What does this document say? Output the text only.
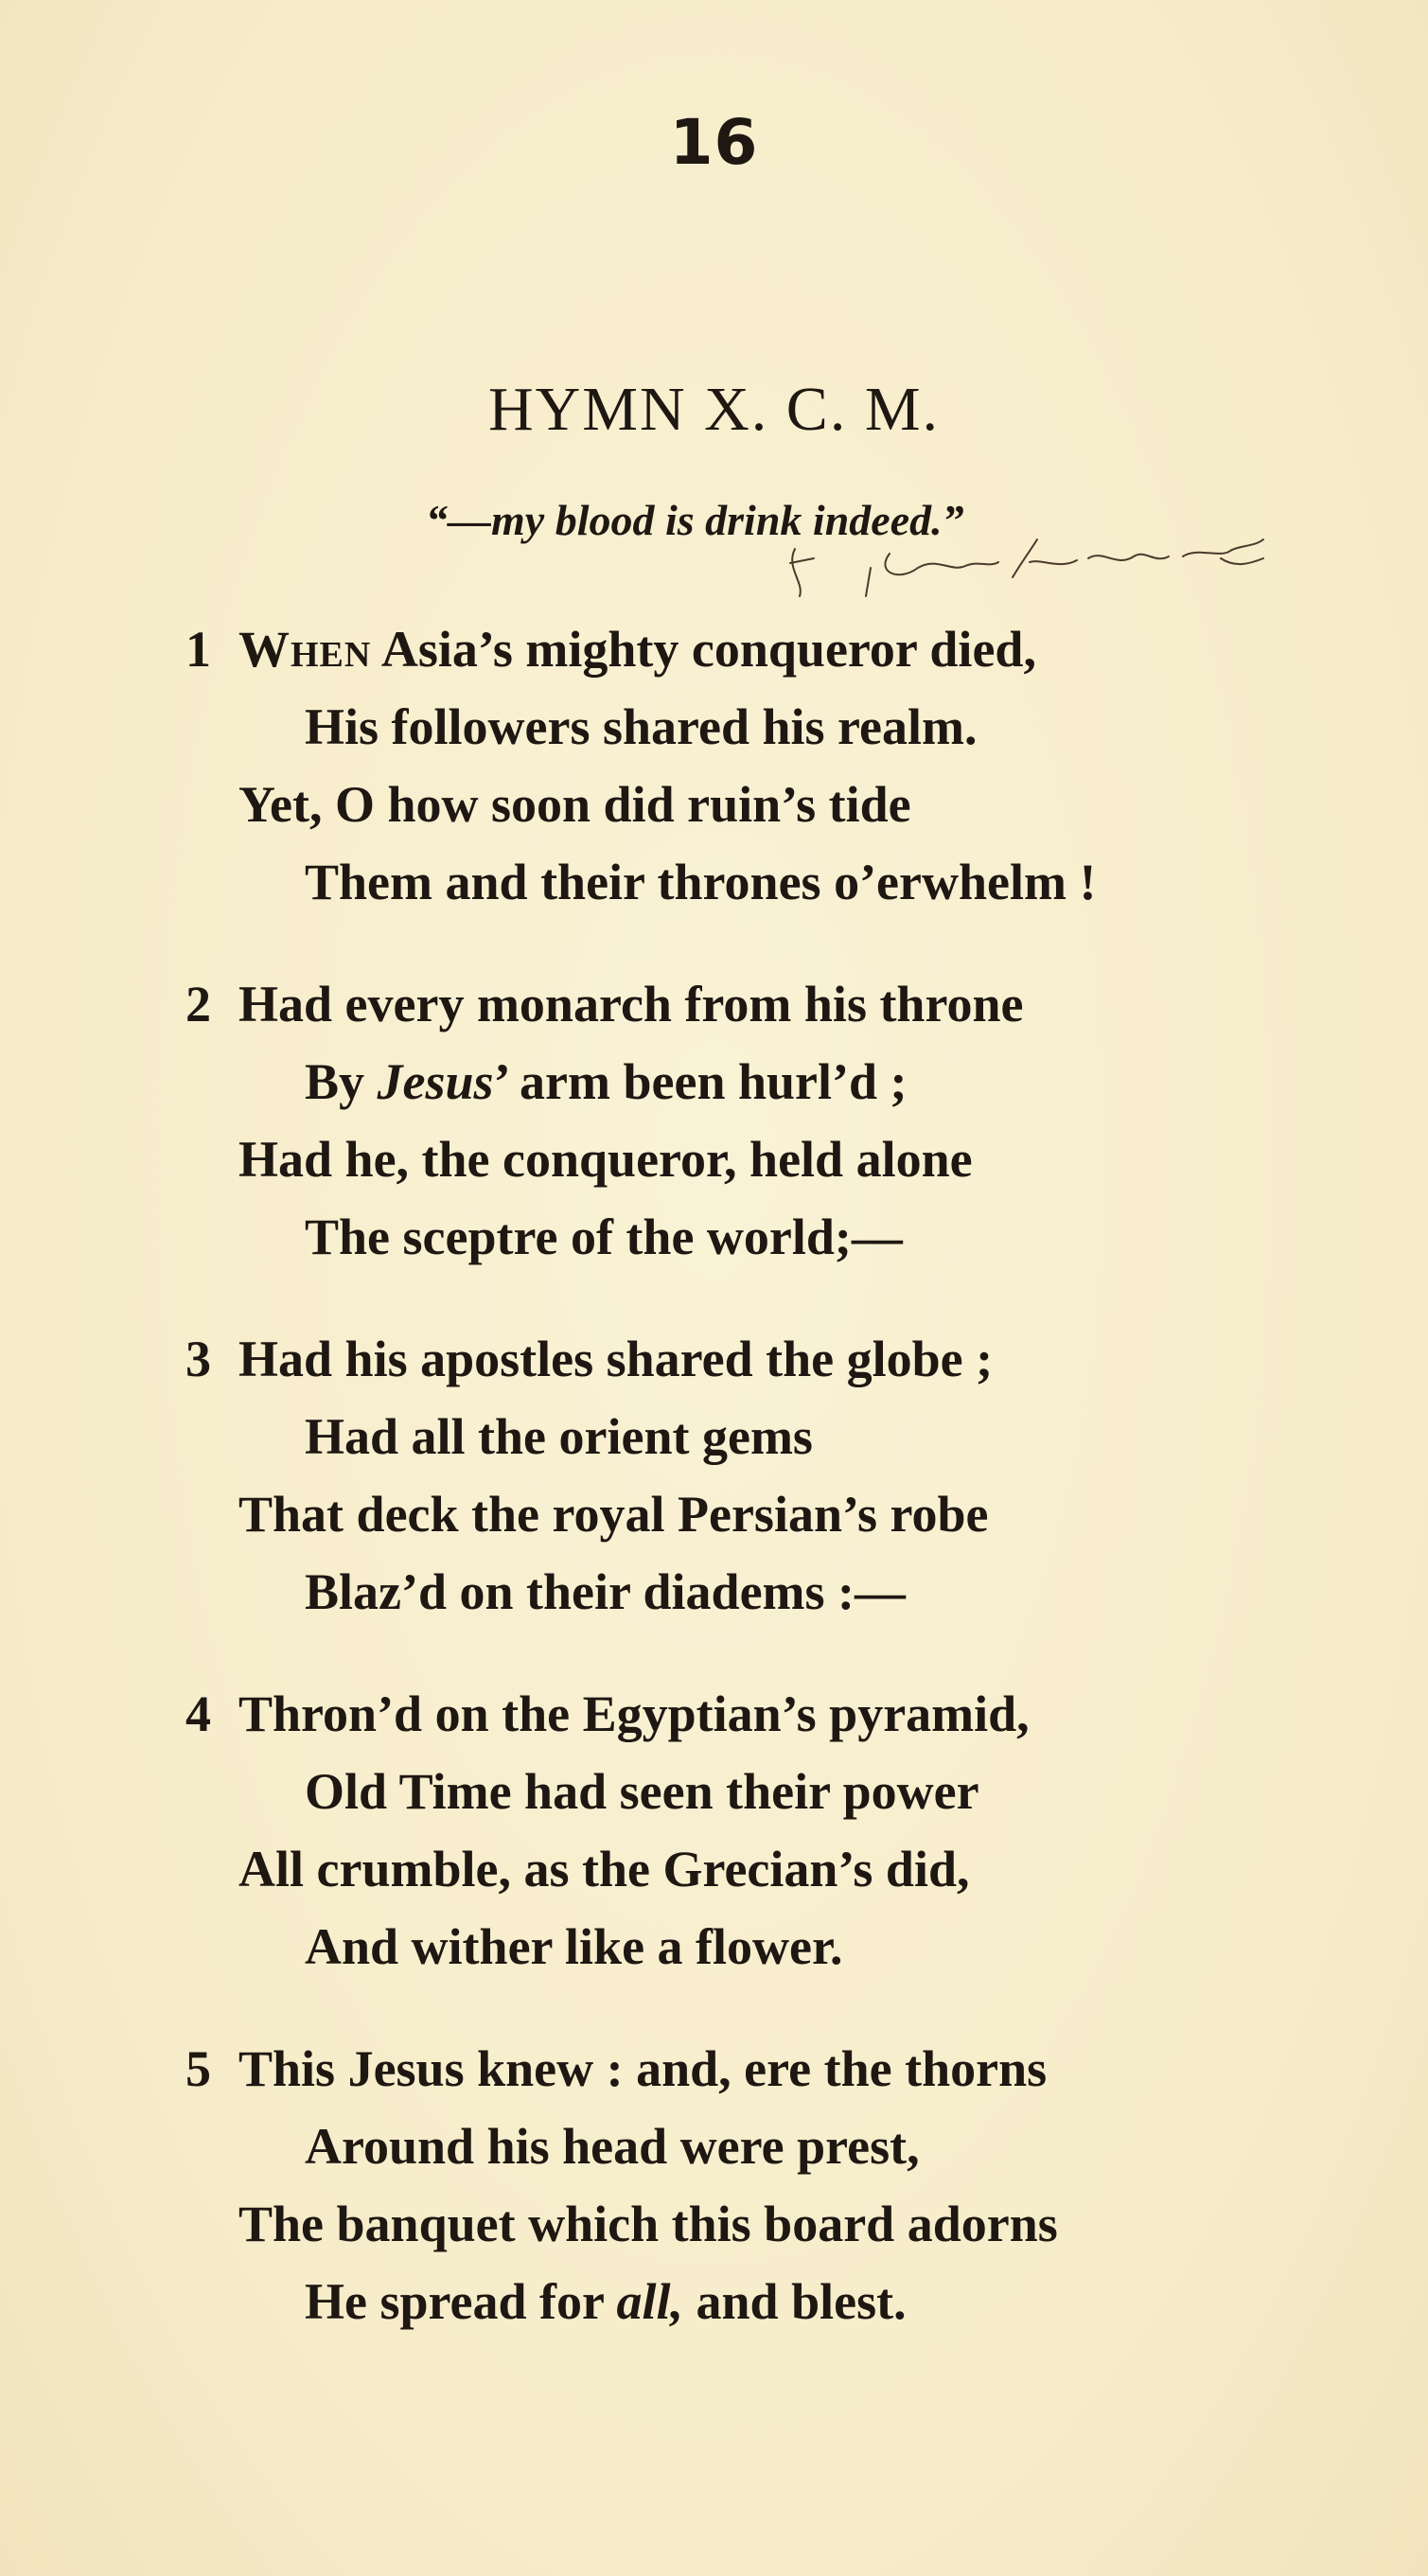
16
HYMN X. C. M.
“—my blood is drink indeed.”
1 When Asia’s mighty conqueror died,
His followers shared his realm.
Yet, O how soon did ruin’s tide
Them and their thrones o’erwhelm !
2 Had every monarch from his throne
By Jesus’ arm been hurl’d ;
Had he, the conqueror, held alone
The sceptre of the world;—
3 Had his apostles shared the globe ;
Had all the orient gems
That deck the royal Persian’s robe
Blaz’d on their diadems :—
4 Thron’d on the Egyptian’s pyramid,
Old Time had seen their power
All crumble, as the Grecian’s did,
And wither like a flower.
5 This Jesus knew : and, ere the thorns
Around his head were prest,
The banquet which this board adorns
He spread for all, and blest.
